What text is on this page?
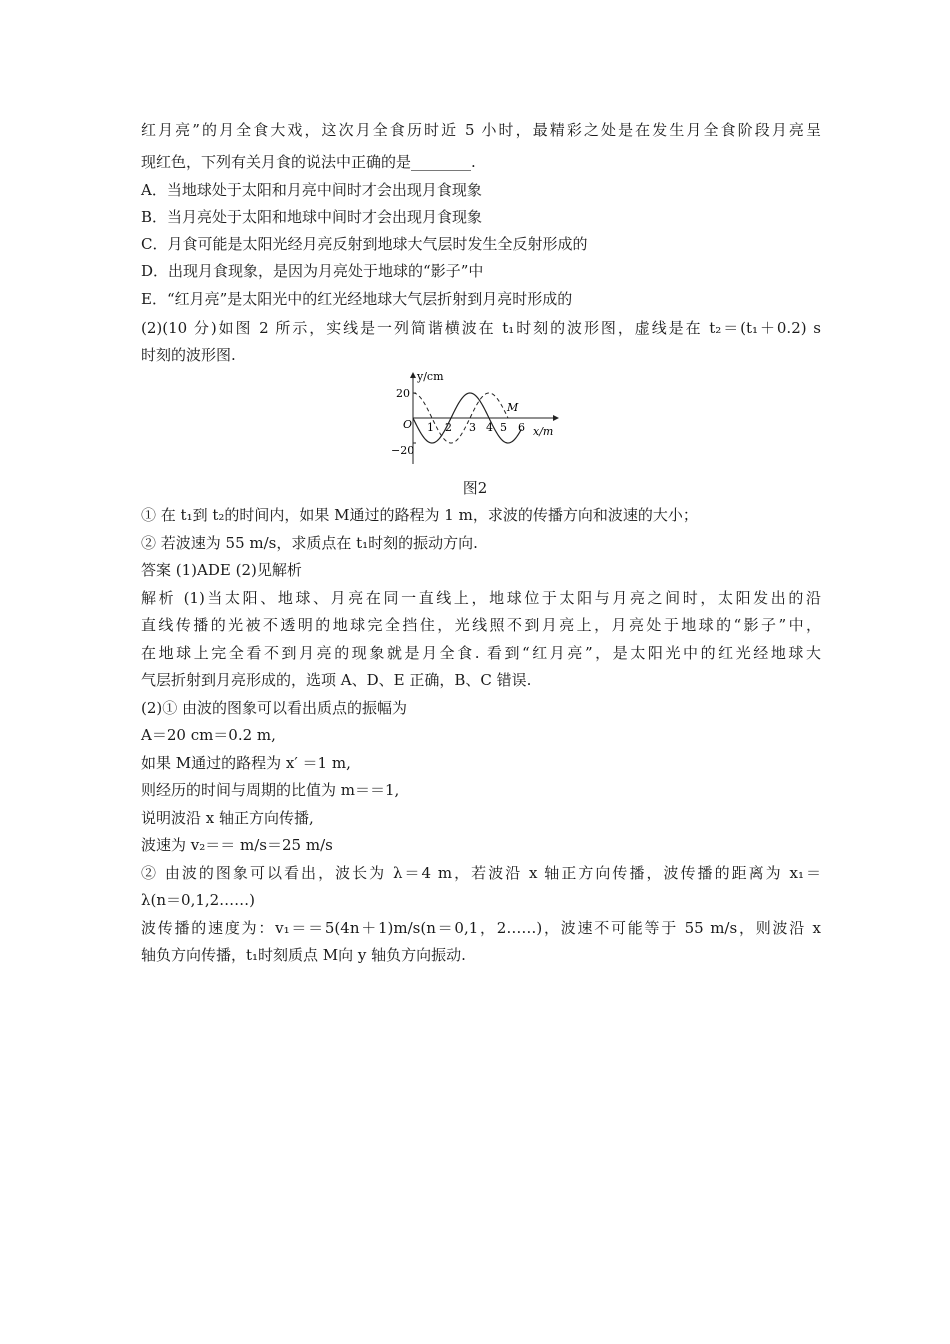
红月亮”的月全食大戏，这次月全食历时近 5 小时，最精彩之处是在发生月全食阶段月亮呈
现红色，下列有关月食的说法中正确的是________.
A．当地球处于太阳和月亮中间时才会出现月食现象
B．当月亮处于太阳和地球中间时才会出现月食现象
C．月食可能是太阳光经月亮反射到地球大气层时发生全反射形成的
D．出现月食现象，是因为月亮处于地球的“影子”中
E．“红月亮”是太阳光中的红光经地球大气层折射到月亮时形成的
(2)(10 分)如图 2 所示，实线是一列简谐横波在 t₁时刻的波形图，虚线是在 t₂＝(t₁＋0.2) s
时刻的波形图.
y/cm
x/m
O
20
−20
1 2 3 4 5 6
M
图2
① 在 t₁到 t₂的时间内，如果 M通过的路程为 1 m，求波的传播方向和波速的大小；
② 若波速为 55 m/s，求质点在 t₁时刻的振动方向.
答案 (1)ADE (2)见解析
解析 (1)当太阳、地球、月亮在同一直线上，地球位于太阳与月亮之间时，太阳发出的沿
直线传播的光被不透明的地球完全挡住，光线照不到月亮上，月亮处于地球的“影子”中，
在地球上完全看不到月亮的现象就是月全食. 看到“红月亮”，是太阳光中的红光经地球大
气层折射到月亮形成的，选项 A、D、E 正确，B、C 错误.
(2)① 由波的图象可以看出质点的振幅为
A＝20 cm＝0.2 m,
如果 M通过的路程为 x′ ＝1 m,
则经历的时间与周期的比值为 m＝＝1,
说明波沿 x 轴正方向传播,
波速为 v₂＝＝ m/s＝25 m/s
② 由波的图象可以看出，波长为 λ＝4 m，若波沿 x 轴正方向传播，波传播的距离为 x₁＝
λ(n＝0,1,2……)
波传播的速度为：v₁＝＝5(4n＋1)m/s(n＝0,1，2……)，波速不可能等于 55 m/s，则波沿 x
轴负方向传播，t₁时刻质点 M向 y 轴负方向振动.
